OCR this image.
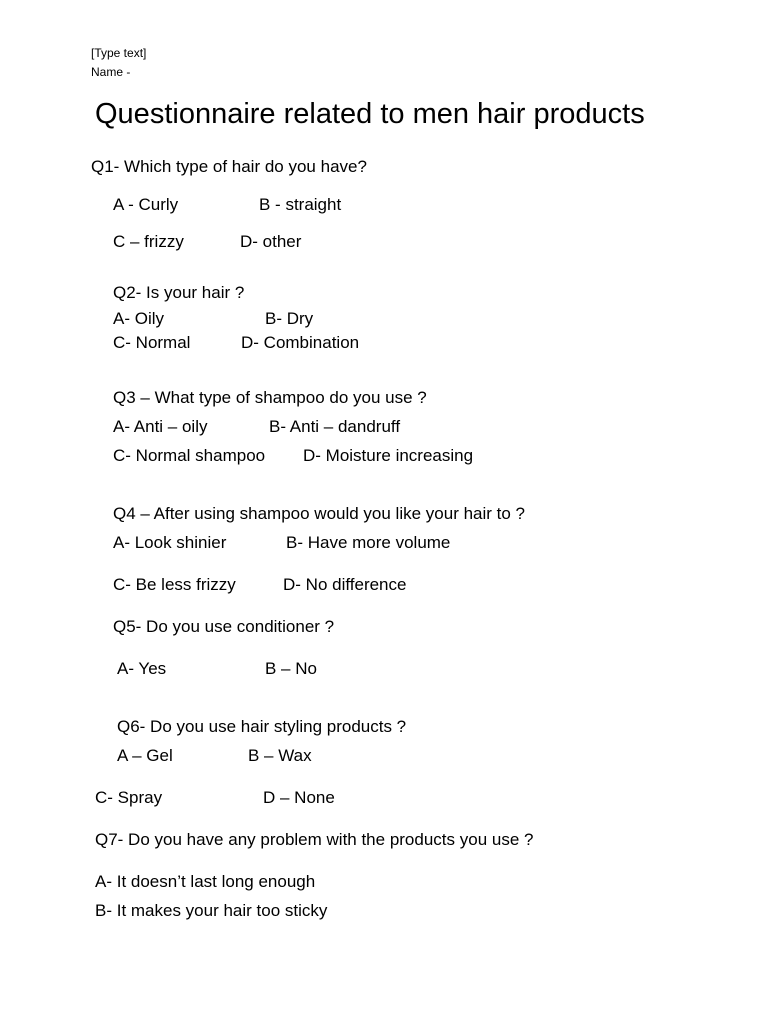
[Type text]
Name -
Questionnaire related to men hair products
Q1- Which type of hair do you have?
A - Curly	B - straight
C – frizzy	D- other
Q2- Is your hair ?
A- Oily	B- Dry
C- Normal	D- Combination
Q3 – What type of shampoo do you use ?
A- Anti – oily	B- Anti – dandruff
C- Normal shampoo D- Moisture increasing
Q4 – After using shampoo would you like your hair to ?
A- Look shinier	B- Have more volume
C- Be less frizzy	D- No difference
Q5- Do you use conditioner ?
A- Yes	B – No
Q6- Do you use hair styling products ?
A – Gel	B – Wax
C- Spray	D – None
Q7- Do you have any problem with the products you use ?
A- It doesn’t last long enough
B- It makes your hair too sticky
